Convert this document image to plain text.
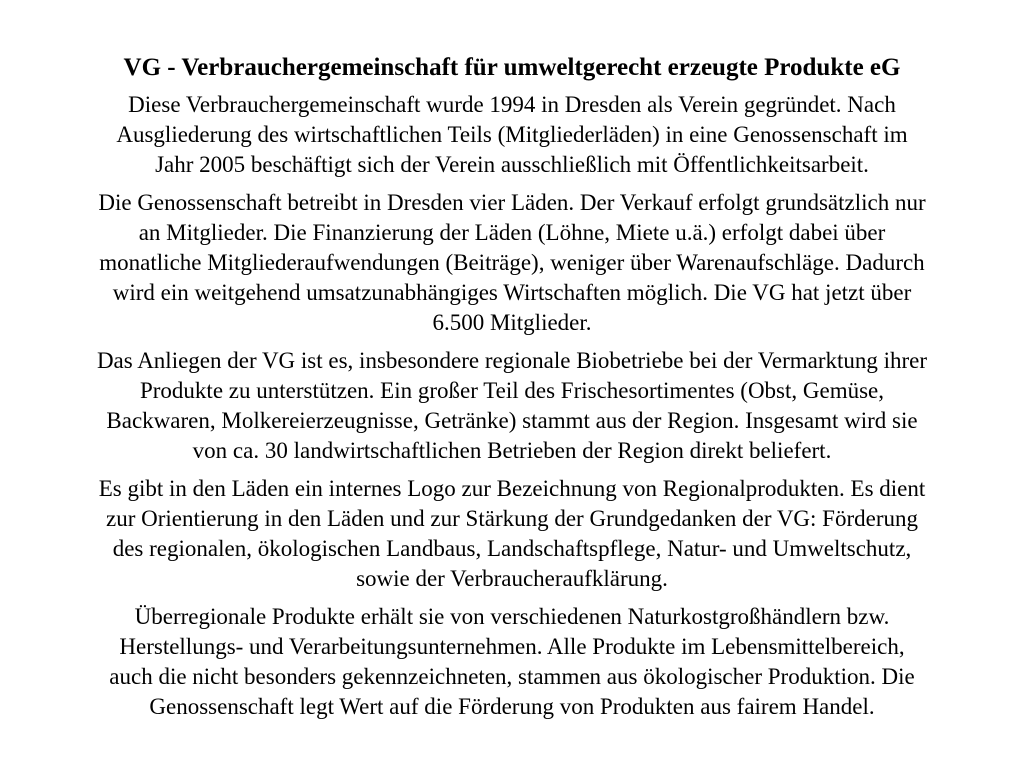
VG - Verbrauchergemeinschaft für umweltgerecht erzeugte Produkte eG

Diese Verbrauchergemeinschaft wurde 1994 in Dresden als Verein gegründet. Nach
Ausgliederung des wirtschaftlichen Teils (Mitgliederläden) in eine Genossenschaft im
Jahr 2005 beschäftigt sich der Verein ausschließlich mit Öffentlichkeitsarbeit.

Die Genossenschaft betreibt in Dresden vier Läden. Der Verkauf erfolgt grundsätzlich nur
an Mitglieder. Die Finanzierung der Läden (Löhne, Miete u.ä.) erfolgt dabei über
monatliche Mitgliederaufwendungen (Beiträge), weniger über Warenaufschläge. Dadurch
wird ein weitgehend umsatzunabhängiges Wirtschaften möglich. Die VG hat jetzt über
6.500 Mitglieder.

Das Anliegen der VG ist es, insbesondere regionale Biobetriebe bei der Vermarktung ihrer
Produkte zu unterstützen. Ein großer Teil des Frischesortimentes (Obst, Gemüse,
Backwaren, Molkereierzeugnisse, Getränke) stammt aus der Region. Insgesamt wird sie
von ca. 30 landwirtschaftlichen Betrieben der Region direkt beliefert.

Es gibt in den Läden ein internes Logo zur Bezeichnung von Regionalprodukten. Es dient
zur Orientierung in den Läden und zur Stärkung der Grundgedanken der VG: Förderung
des regionalen, ökologischen Landbaus, Landschaftspflege, Natur- und Umweltschutz,
sowie der Verbraucheraufklärung.

Überregionale Produkte erhält sie von verschiedenen Naturkostgroßhändlern bzw.
Herstellungs- und Verarbeitungsunternehmen. Alle Produkte im Lebensmittelbereich,
auch die nicht besonders gekennzeichneten, stammen aus ökologischer Produktion. Die
Genossenschaft legt Wert auf die Förderung von Produkten aus fairem Handel.
